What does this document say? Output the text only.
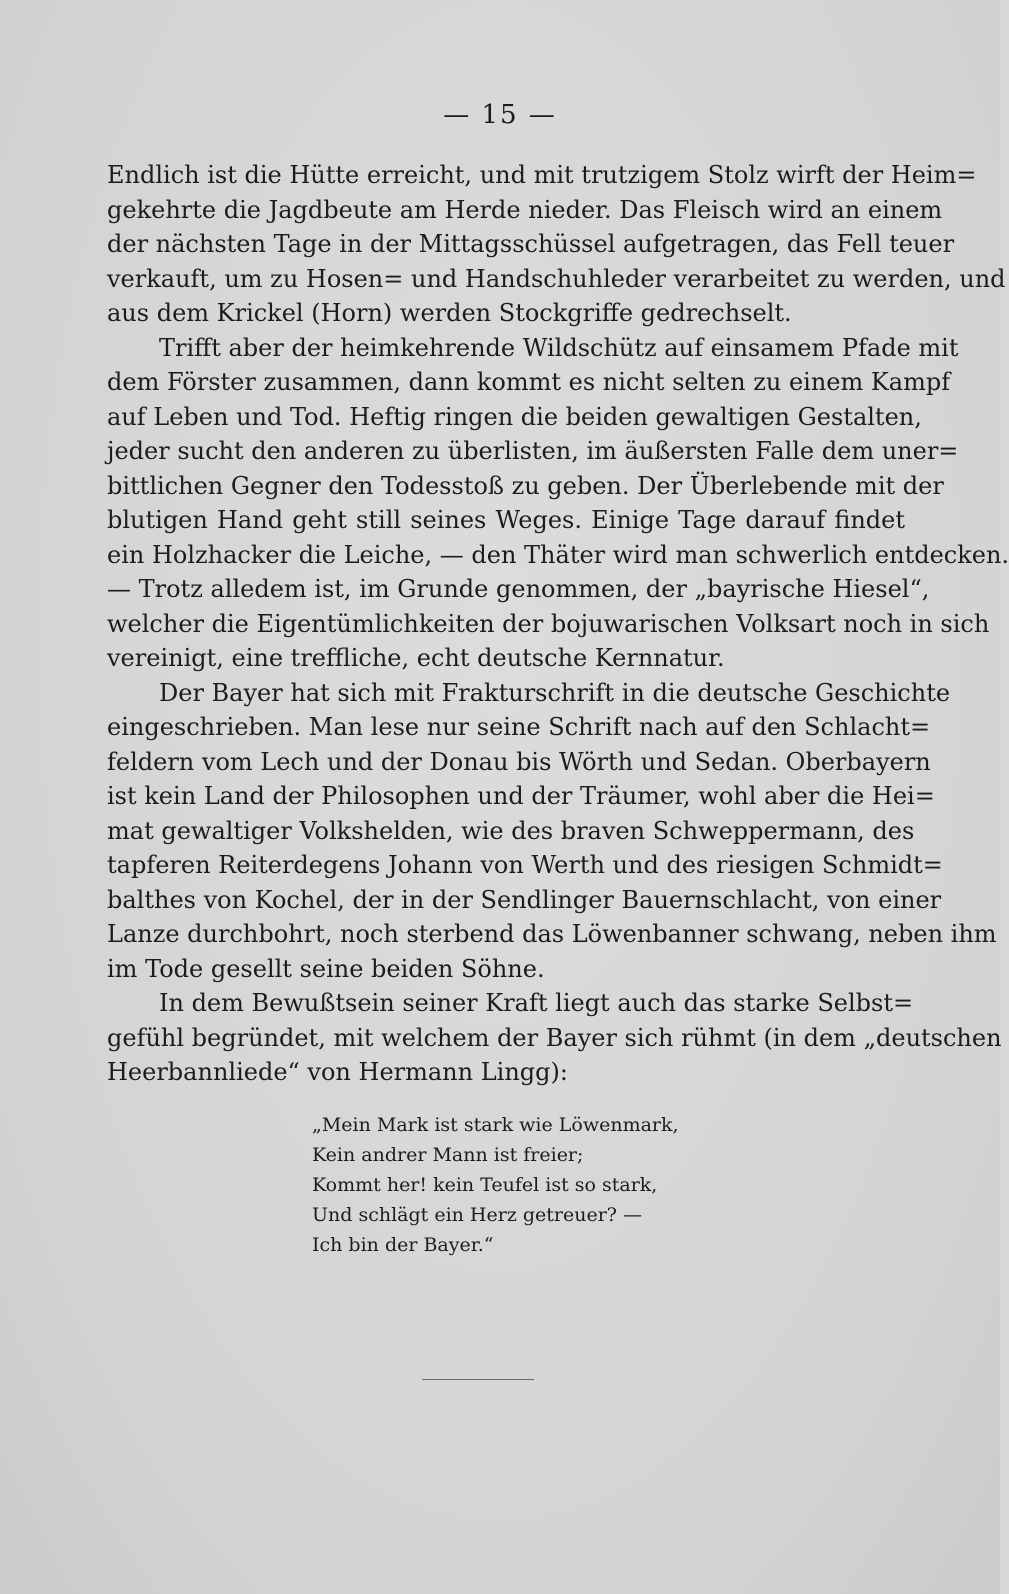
— 15 —
Endlich ist die Hütte erreicht, und mit trutzigem Stolz wirft der Heim=
gekehrte die Jagdbeute am Herde nieder. Das Fleisch wird an einem
der nächsten Tage in der Mittagsschüssel aufgetragen, das Fell teuer
verkauft, um zu Hosen= und Handschuhleder verarbeitet zu werden, und
aus dem Krickel (Horn) werden Stockgriffe gedrechselt.
Trifft aber der heimkehrende Wildschütz auf einsamem Pfade mit
dem Förster zusammen, dann kommt es nicht selten zu einem Kampf
auf Leben und Tod. Heftig ringen die beiden gewaltigen Gestalten,
jeder sucht den anderen zu überlisten, im äußersten Falle dem uner=
bittlichen Gegner den Todesstoß zu geben. Der Überlebende mit der
blutigen Hand geht still seines Weges. Einige Tage darauf findet
ein Holzhacker die Leiche, — den Thäter wird man schwerlich entdecken.
— Trotz alledem ist, im Grunde genommen, der „bayrische Hiesel“,
welcher die Eigentümlichkeiten der bojuwarischen Volksart noch in sich
vereinigt, eine treffliche, echt deutsche Kernnatur.
Der Bayer hat sich mit Frakturschrift in die deutsche Geschichte
eingeschrieben. Man lese nur seine Schrift nach auf den Schlacht=
feldern vom Lech und der Donau bis Wörth und Sedan. Oberbayern
ist kein Land der Philosophen und der Träumer, wohl aber die Hei=
mat gewaltiger Volkshelden, wie des braven Schweppermann, des
tapferen Reiterdegens Johann von Werth und des riesigen Schmidt=
balthes von Kochel, der in der Sendlinger Bauernschlacht, von einer
Lanze durchbohrt, noch sterbend das Löwenbanner schwang, neben ihm
im Tode gesellt seine beiden Söhne.
In dem Bewußtsein seiner Kraft liegt auch das starke Selbst=
gefühl begründet, mit welchem der Bayer sich rühmt (in dem „deutschen
Heerbannliede“ von Hermann Lingg):
„Mein Mark ist stark wie Löwenmark,
Kein andrer Mann ist freier;
Kommt her! kein Teufel ist so stark,
Und schlägt ein Herz getreuer? —
Ich bin der Bayer.“
